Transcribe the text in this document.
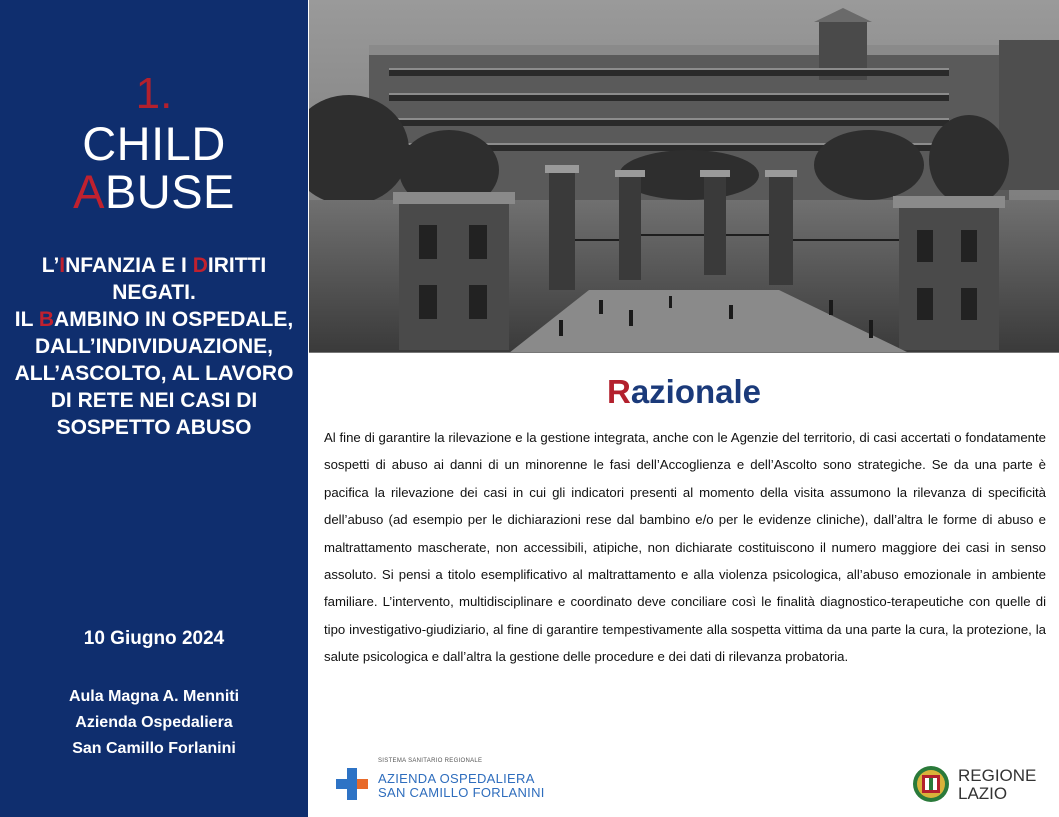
1.
CHILD
ABUSE
L’INFANZIA E I DIRITTI NEGATI.
IL BAMBINO IN OSPEDALE, DALL’INDIVIDUAZIONE, ALL’ASCOLTO, AL LAVORO DI RETE NEI CASI DI SOSPETTO ABUSO
10 Giugno 2024
Aula Magna A. Menniti
Azienda Ospedaliera
San Camillo Forlanini
Razionale
Al fine di garantire la rilevazione e la gestione integrata, anche con le Agenzie del territorio, di casi accertati o fondatamente sospetti di abuso ai danni di un minorenne le fasi dell’Accoglienza e dell’Ascolto sono strategiche. Se da una parte è pacifica la rilevazione dei casi in cui gli indicatori presenti al momento della visita assumono la rilevanza di specificità dell’abuso (ad esempio per le dichiarazioni rese dal bambino e/o per le evidenze cliniche), dall’altra le forme di abuso e maltrattamento mascherate, non accessibili, atipiche, non dichiarate costituiscono il numero maggiore dei casi in senso assoluto. Si pensi a titolo esemplificativo al maltrattamento e alla violenza psicologica, all’abuso emozionale in ambiente familiare. L’intervento, multidisciplinare e coordinato deve conciliare così le finalità diagnostico-terapeutiche con quelle di tipo investigativo-giudiziario, al fine di garantire tempestivamente alla sospetta vittima da una parte la cura, la protezione, la salute psicologica e dall’altra la gestione delle procedure e dei dati di rilevanza probatoria.
SISTEMA SANITARIO REGIONALE
AZIENDA OSPEDALIERA
SAN CAMILLO FORLANINI
REGIONE
LAZIO
